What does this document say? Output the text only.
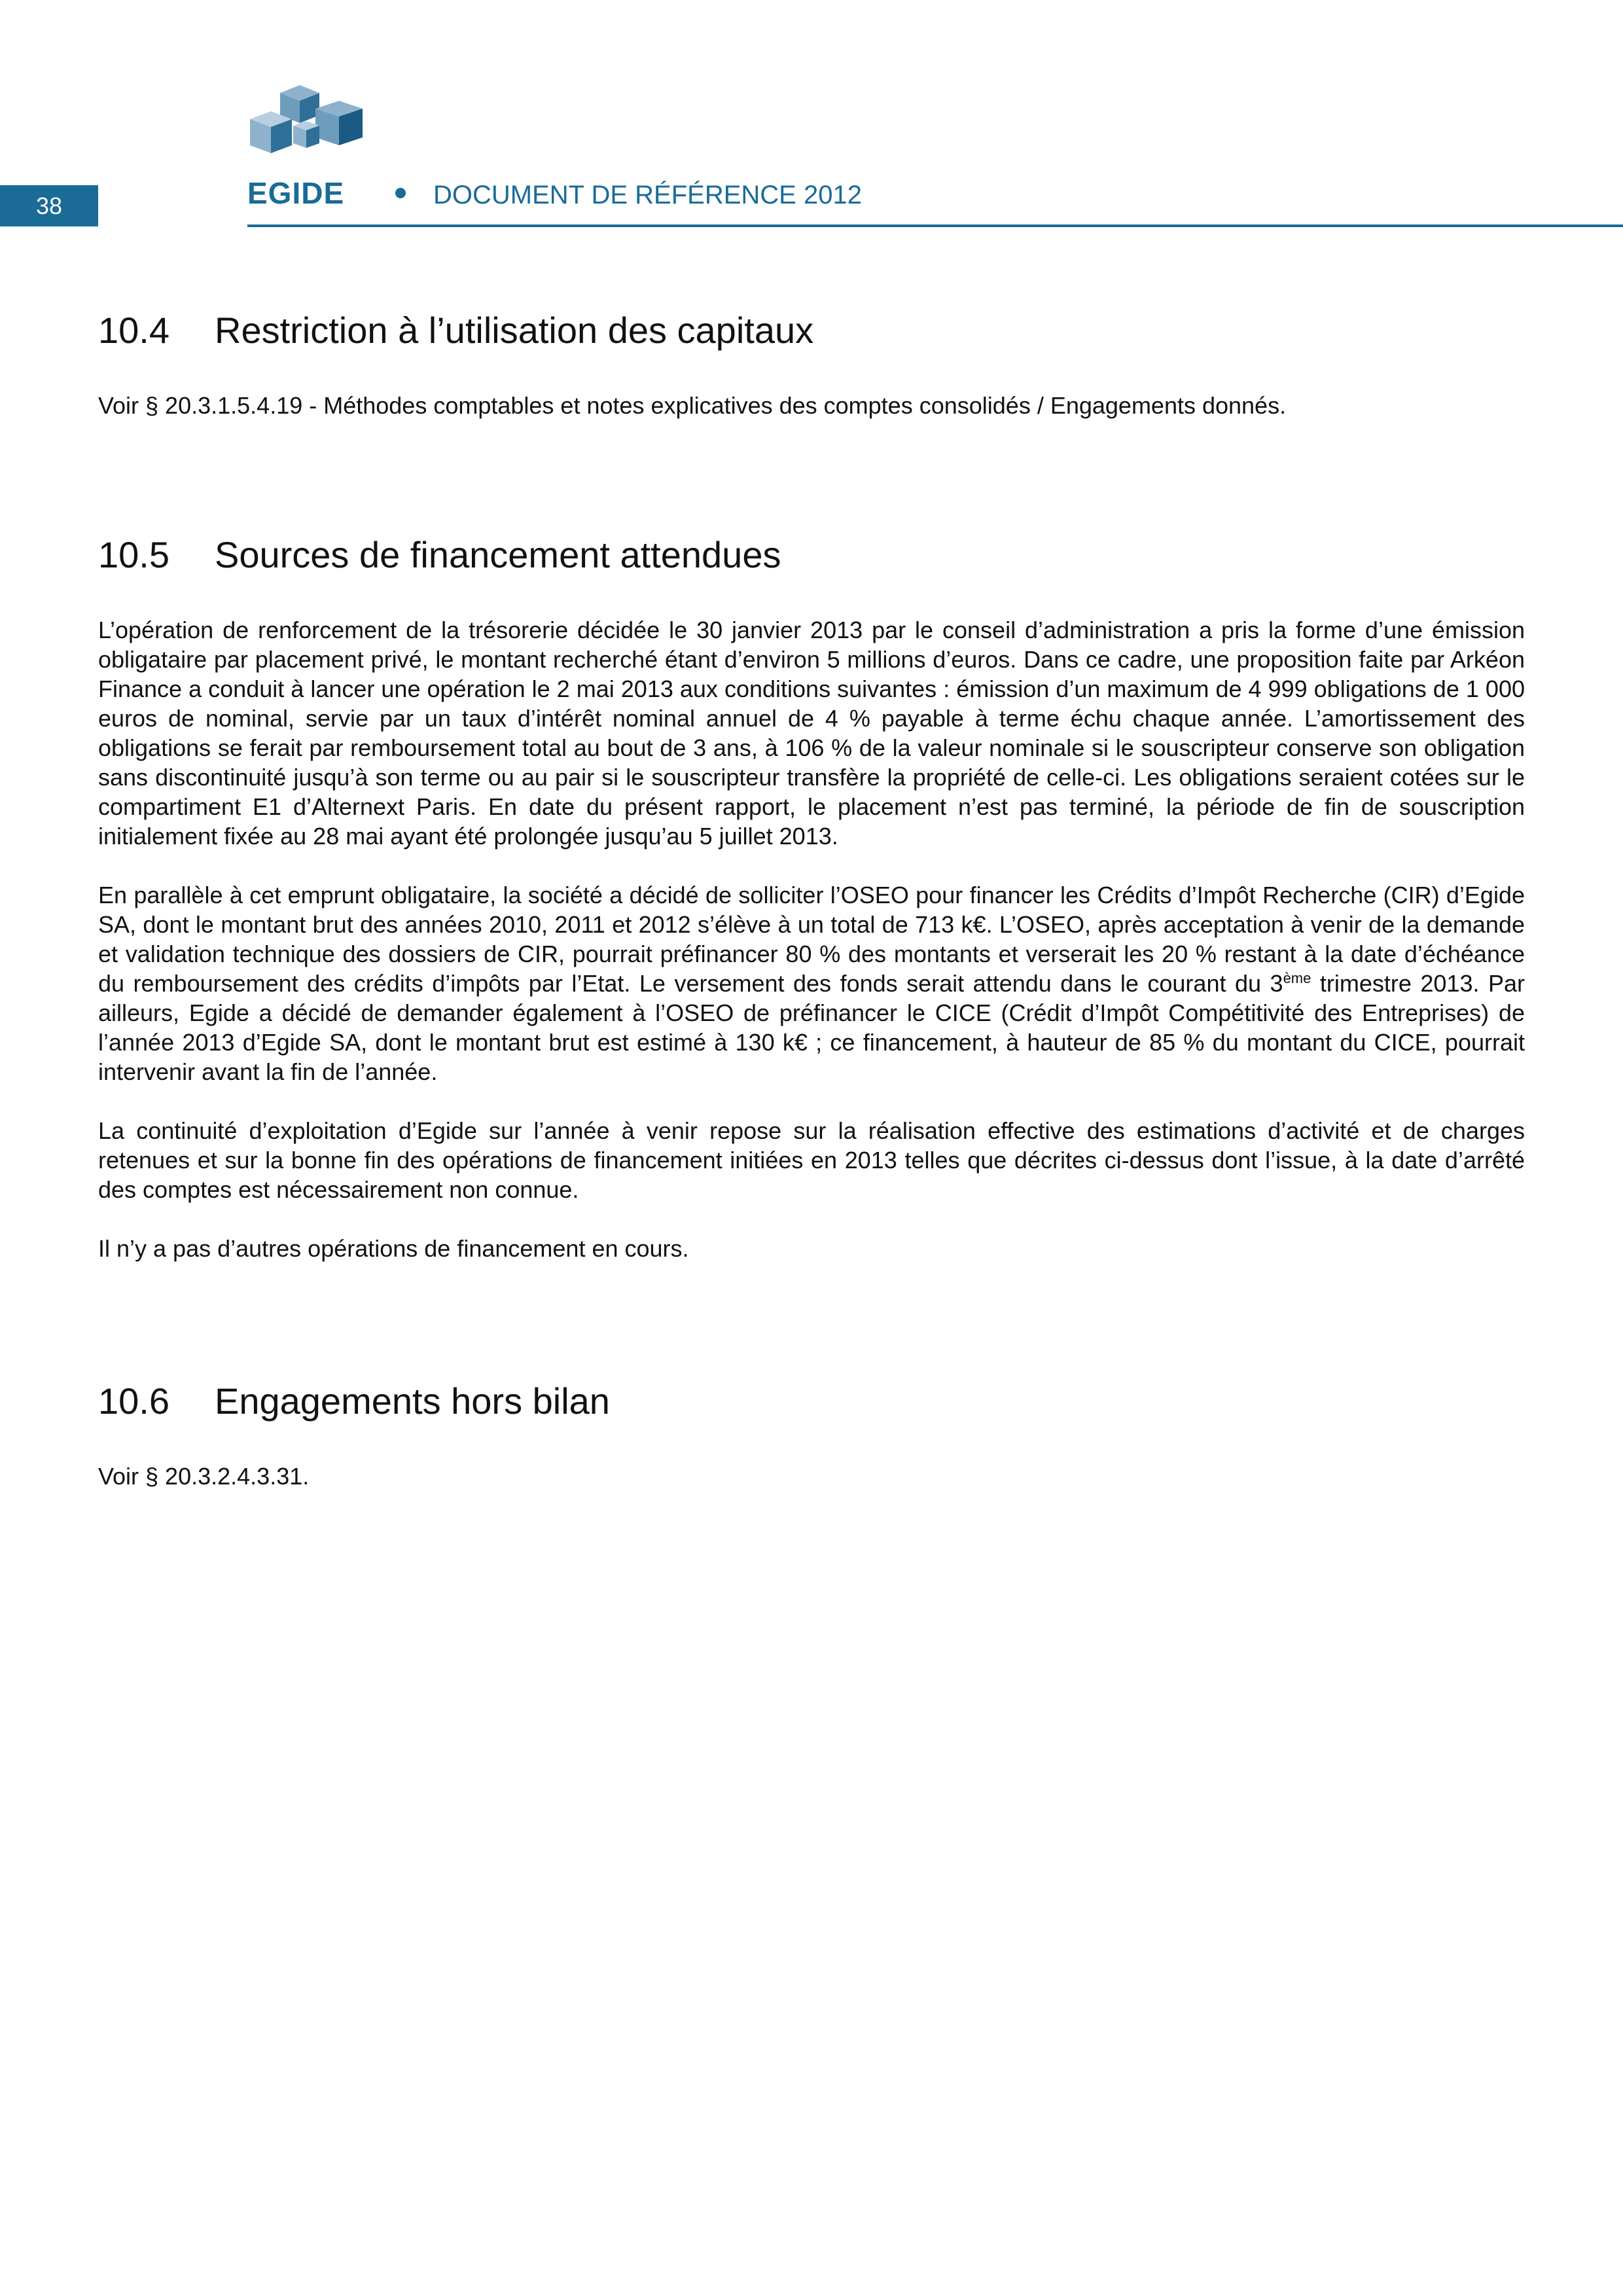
38	EGIDE	DOCUMENT DE RÉFÉRENCE 2012
10.4 Restriction à l’utilisation des capitaux

Voir § 20.3.1.5.4.19 - Méthodes comptables et notes explicatives des comptes consolidés / Engagements donnés.

10.5 Sources de financement attendues

L’opération de renforcement de la trésorerie décidée le 30 janvier 2013 par le conseil d’administration a pris la forme d’une émission obligataire par placement privé, le montant recherché étant d’environ 5 millions d’euros. Dans ce cadre, une proposition faite par Arkéon Finance a conduit à lancer une opération le 2 mai 2013 aux conditions suivantes : émission d’un maximum de 4 999 obligations de 1 000 euros de nominal, servie par un taux d’intérêt nominal annuel de 4 % payable à terme échu chaque année. L’amortissement des obligations se ferait par remboursement total au bout de 3 ans, à 106 % de la valeur nominale si le souscripteur conserve son obligation sans discontinuité jusqu’à son terme ou au pair si le souscripteur transfère la propriété de celle-ci. Les obligations seraient cotées sur le compartiment E1 d’Alternext Paris. En date du présent rapport, le placement n’est pas terminé, la période de fin de souscription initialement fixée au 28 mai ayant été prolongée jusqu’au 5 juillet 2013.

En parallèle à cet emprunt obligataire, la société a décidé de solliciter l’OSEO pour financer les Crédits d’Impôt Recherche (CIR) d’Egide SA, dont le montant brut des années 2010, 2011 et 2012 s’élève à un total de 713 k€. L’OSEO, après acceptation à venir de la demande et validation technique des dossiers de CIR, pourrait préfinancer 80 % des montants et verserait les 20 % restant à la date d’échéance du remboursement des crédits d’impôts par l’Etat. Le versement des fonds serait attendu dans le courant du 3ème trimestre 2013. Par ailleurs, Egide a décidé de demander également à l’OSEO de préfinancer le CICE (Crédit d’Impôt Compétitivité des Entreprises) de l’année 2013 d’Egide SA, dont le montant brut est estimé à 130 k€ ; ce financement, à hauteur de 85 % du montant du CICE, pourrait intervenir avant la fin de l’année.

La continuité d’exploitation d’Egide sur l’année à venir repose sur la réalisation effective des estimations d’activité et de charges retenues et sur la bonne fin des opérations de financement initiées en 2013 telles que décrites ci-dessus dont l’issue, à la date d’arrêté des comptes est nécessairement non connue.

Il n’y a pas d’autres opérations de financement en cours.

10.6 Engagements hors bilan

Voir § 20.3.2.4.3.31.
